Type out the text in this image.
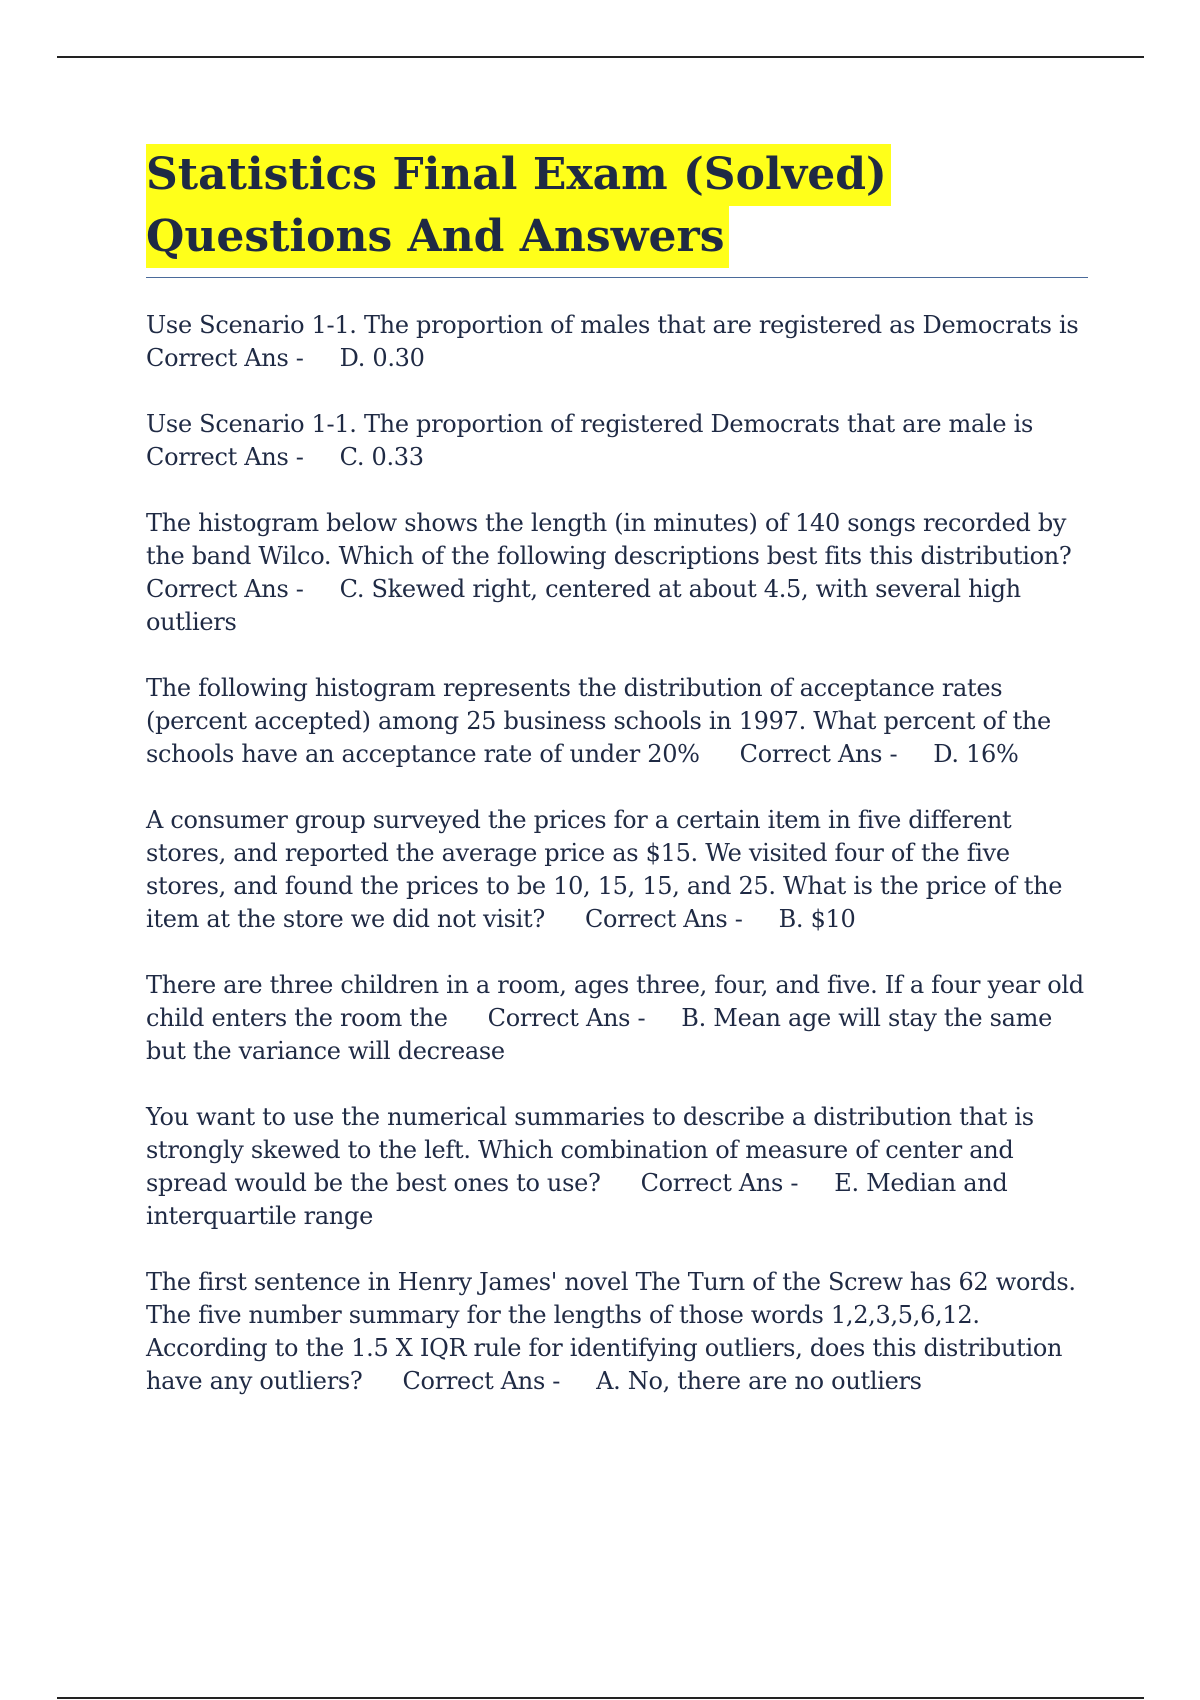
Statistics Final Exam (Solved)
Questions And Answers
Use Scenario 1-1. The proportion of males that are registered as Democrats is Correct Ans - D. 0.30
Use Scenario 1-1. The proportion of registered Democrats that are male is Correct Ans - C. 0.33
The histogram below shows the length (in minutes) of 140 songs recorded by the band Wilco. Which of the following descriptions best fits this distribution? Correct Ans - C. Skewed right, centered at about 4.5, with several high outliers
The following histogram represents the distribution of acceptance rates (percent accepted) among 25 business schools in 1997. What percent of the schools have an acceptance rate of under 20% Correct Ans - D. 16%
A consumer group surveyed the prices for a certain item in five different stores, and reported the average price as $15. We visited four of the five stores, and found the prices to be 10, 15, 15, and 25. What is the price of the item at the store we did not visit? Correct Ans - B. $10
There are three children in a room, ages three, four, and five. If a four year old child enters the room the Correct Ans - B. Mean age will stay the same but the variance will decrease
You want to use the numerical summaries to describe a distribution that is strongly skewed to the left. Which combination of measure of center and spread would be the best ones to use? Correct Ans - E. Median and interquartile range
The first sentence in Henry James' novel The Turn of the Screw has 62 words. The five number summary for the lengths of those words 1,2,3,5,6,12. According to the 1.5 X IQR rule for identifying outliers, does this distribution have any outliers? Correct Ans - A. No, there are no outliers
